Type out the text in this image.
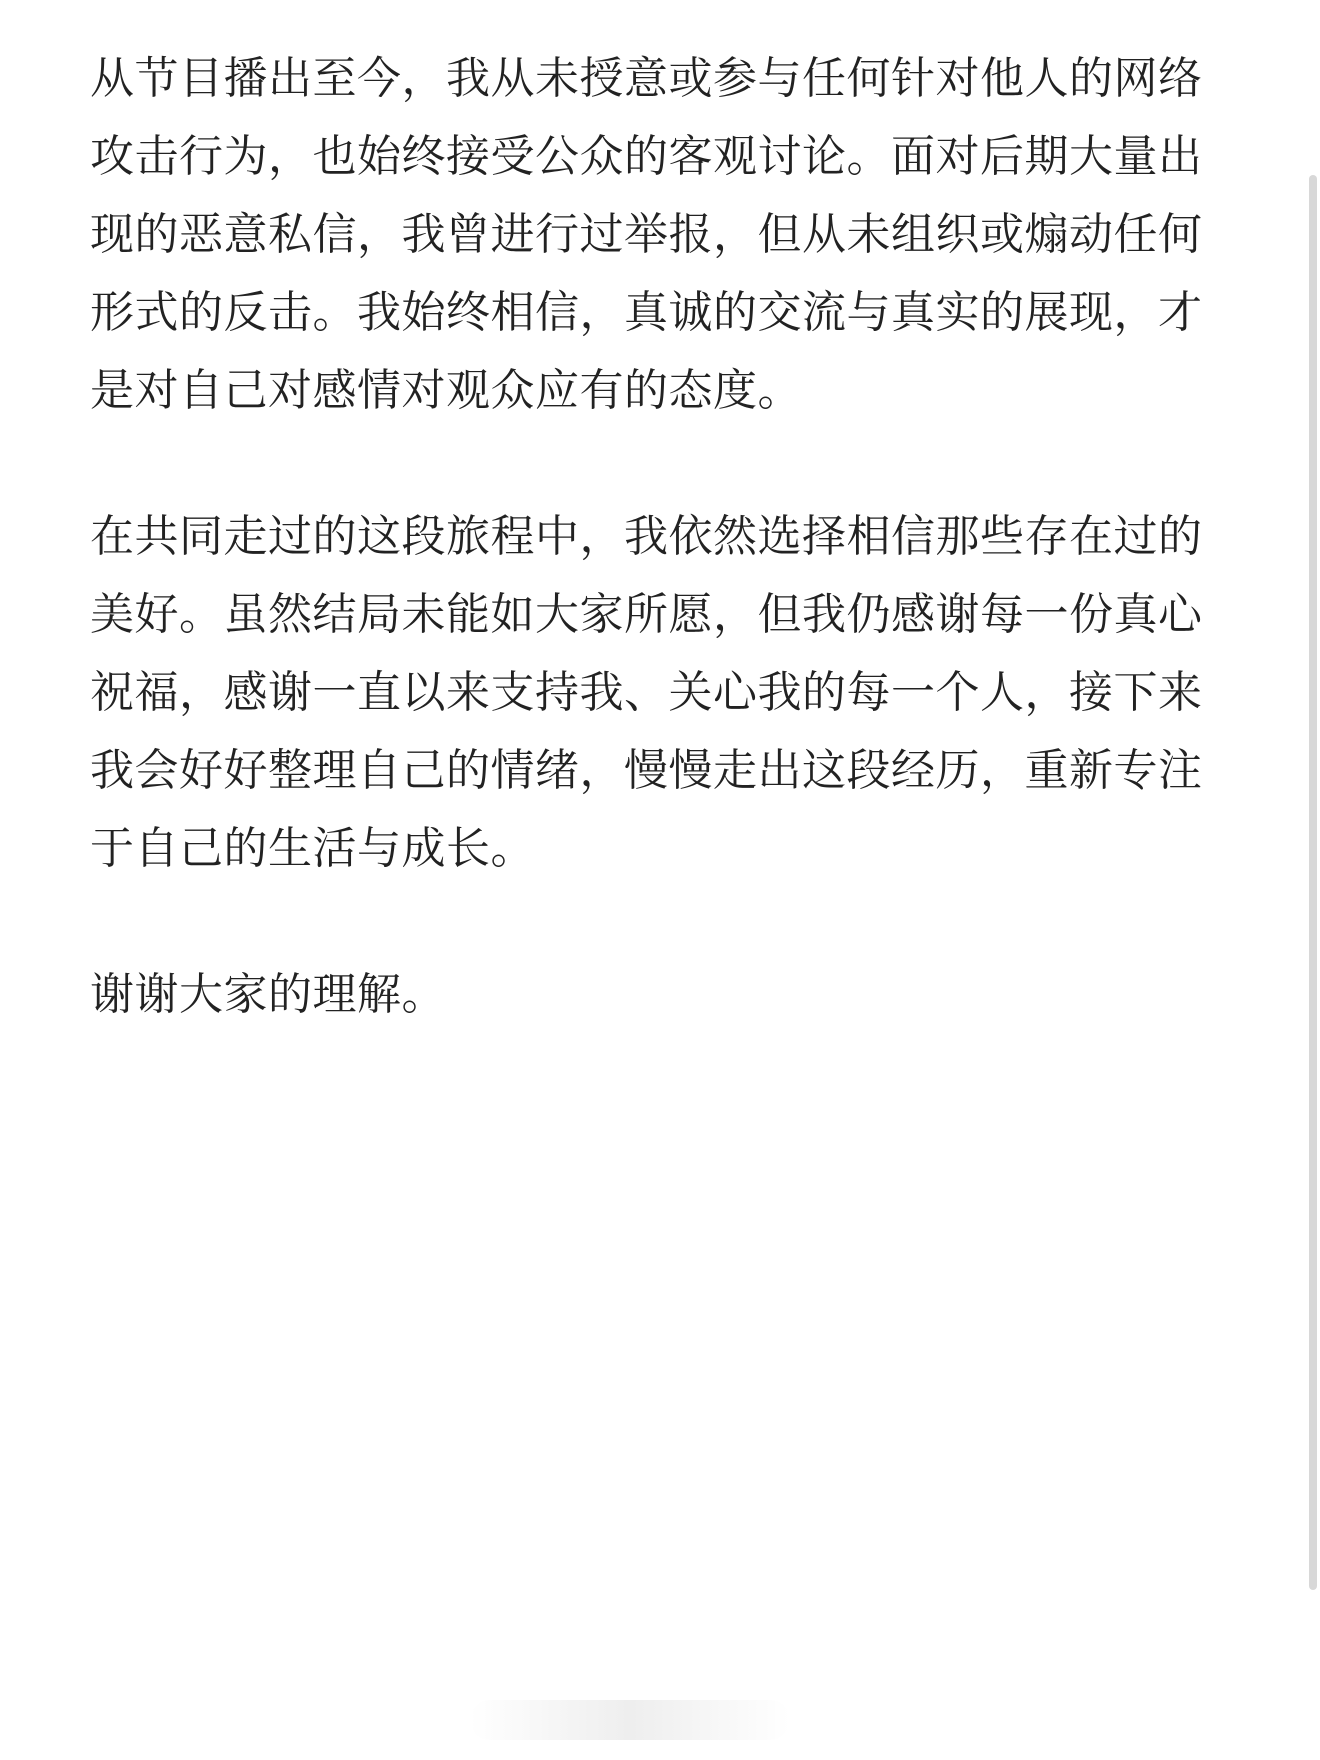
从节目播出至今，我从未授意或参与任何针对他人的网络攻击行为，也始终接受公众的客观讨论。面对后期大量出现的恶意私信，我曾进行过举报，但从未组织或煽动任何形式的反击。我始终相信，真诚的交流与真实的展现，才是对自己对感情对观众应有的态度。

在共同走过的这段旅程中，我依然选择相信那些存在过的美好。虽然结局未能如大家所愿，但我仍感谢每一份真心祝福，感谢一直以来支持我、关心我的每一个人，接下来我会好好整理自己的情绪，慢慢走出这段经历，重新专注于自己的生活与成长。

谢谢大家的理解。
